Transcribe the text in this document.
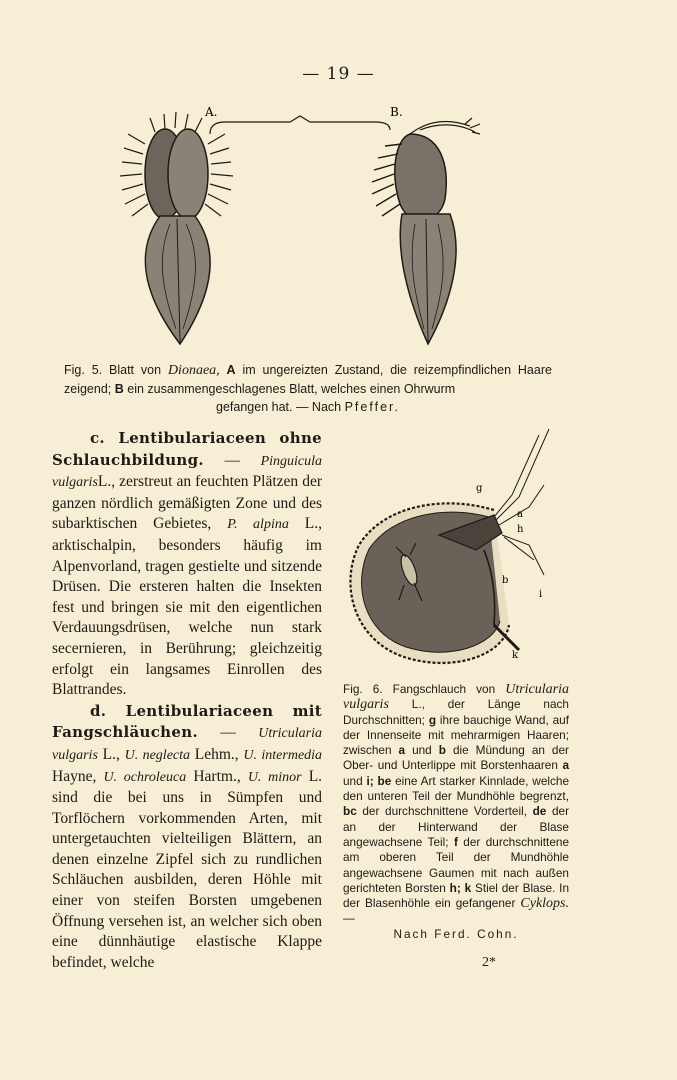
— 19 —
A.	B.
Fig. 5. Blatt von Dionaea, A im ungereizten Zustand, die reizempfindlichen Haare zeigend; B ein zusammengeschlagenes Blatt, welches einen Ohrwurm
gefangen hat. — Nach Pfeffer.

c. Lentibulariaceen ohne Schlauchbildung. — Pinguicula vulgarisL., zerstreut an feuchten Plätzen der ganzen nördlich gemäßigten Zone und des subarktischen Gebietes, P. alpina L., arktischalpin, besonders häufig im Alpenvorland, tragen gestielte und sitzende Drüsen. Die ersteren halten die Insekten fest und bringen sie mit den eigentlichen Verdauungsdrüsen, welche nun stark secernieren, in Berührung; gleichzeitig erfolgt ein langsames Einrollen des Blattrandes.

d. Lentibulariaceen mit Fangschläuchen. — Utricularia vulgaris L., U. neglecta Lehm., U. intermedia Hayne, U. ochroleuca Hartm., U. minor L. sind die bei uns in Sümpfen und Torflöchern vorkommenden Arten, mit untergetauchten vielteiligen Blättern, an denen einzelne Zipfel sich zu rundlichen Schläuchen ausbilden, deren Höhle mit einer von steifen Borsten umgebenen Öffnung versehen ist, an welcher sich oben eine dünnhäutige elastische Klappe befindet, welche

g
a
h
b
i
k
Fig. 6. Fangschlauch von Utricularia vulgaris L., der Länge nach Durchschnitten; g ihre bauchige Wand, auf der Innenseite mit mehrarmigen Haaren; zwischen a und b die Mündung an der Ober- und Unterlippe mit Borstenhaaren a und i; be eine Art starker Kinnlade, welche den unteren Teil der Mundhöhle begrenzt, bc der durchschnittene Vorderteil, de der an der Hinterwand der Blase angewachsene Teil; f der durchschnittene am oberen Teil der Mundhöhle angewachsene Gaumen mit nach außen gerichteten Borsten h; k Stiel der Blase. In der Blasenhöhle ein gefangener Cyklops. —
Nach Ferd. Cohn.
2*
